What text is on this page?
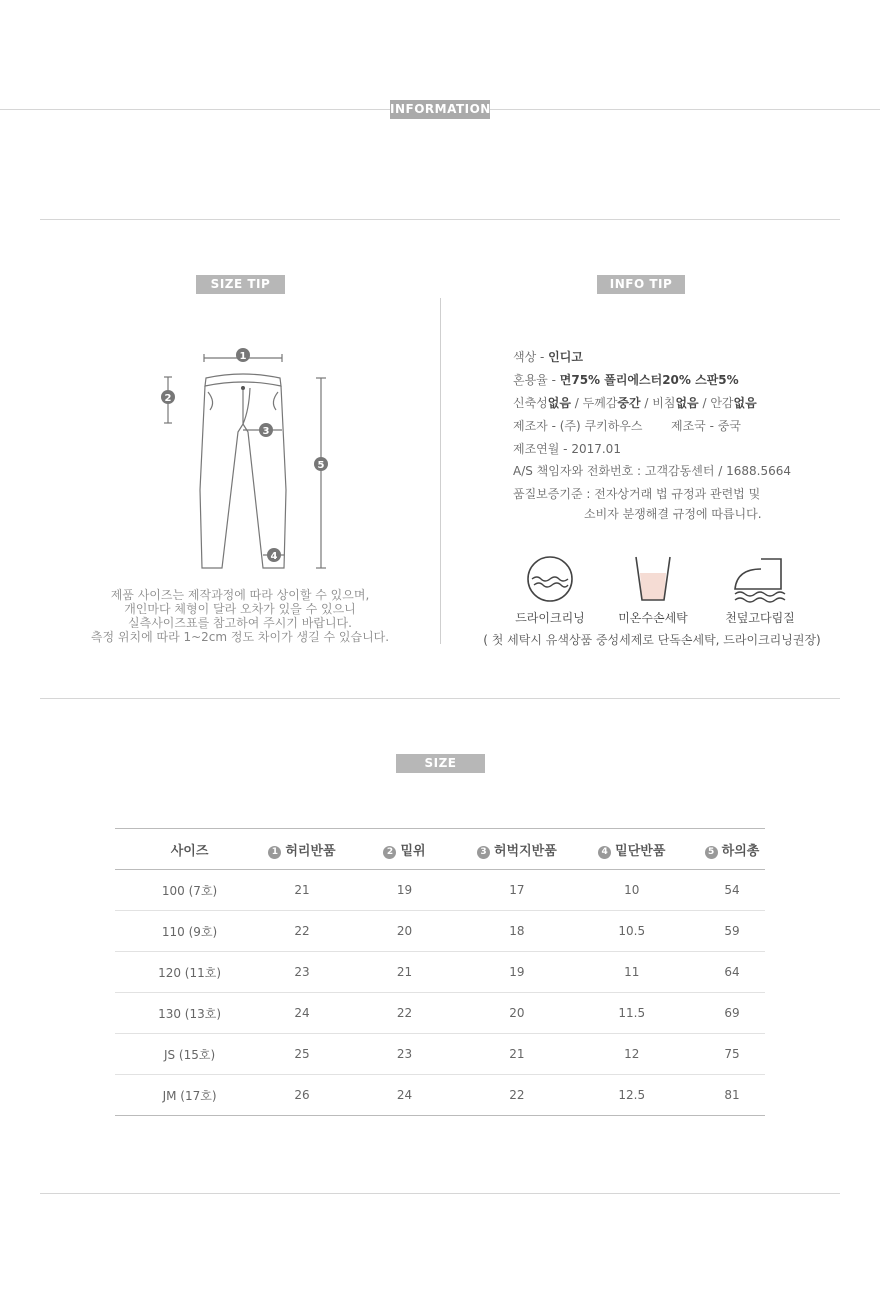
INFORMATION
SIZE TIP	INFO TIP
1
2
3
4
5
제품 사이즈는 제작과정에 따라 상이할 수 있으며,
개인마다 체형이 달라 오차가 있을 수 있으니
실측사이즈표를 참고하여 주시기 바랍니다.
측정 위치에 따라 1~2cm 정도 차이가 생길 수 있습니다.
색상 - 인디고
혼용율 - 면75% 폴리에스터20% 스판5%
신축성없음 / 두께감중간 / 비침없음 / 안감없음
제조자 - (주) 쿠키하우스 제조국 - 중국
제조연월 - 2017.01
A/S 책임자와 전화번호 : 고객감동센터 / 1688.5664
품질보증기준 : 전자상거래 법 규정과 관련법 및
소비자 분쟁해결 규정에 따릅니다.
드라이크리닝	미온수손세탁	천덮고다림질
( 첫 세탁시 유색상품 중성세제로 단독손세탁, 드라이크리닝권장)
SIZE
사이즈	1 허리반품	2 밑위	3 허벅지반품	4 밑단반품	5 하의총
100 (7호)	21	19	17	10	54
110 (9호)	22	20	18	10.5	59
120 (11호)	23	21	19	11	64
130 (13호)	24	22	20	11.5	69
JS (15호)	25	23	21	12	75
JM (17호)	26	24	22	12.5	81
